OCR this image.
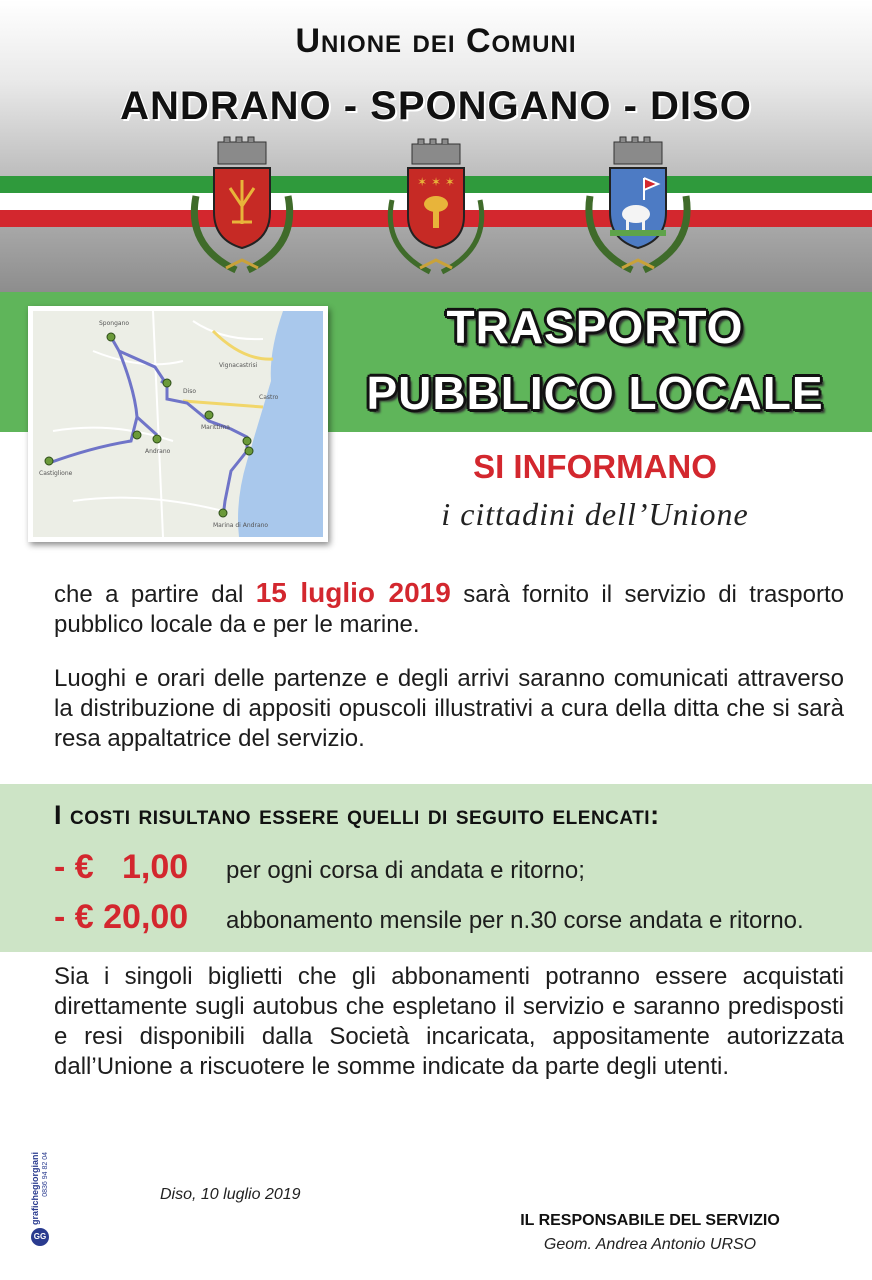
Unione dei Comuni
ANDRANO - SPONGANO - DISO
✶ ✶ ✶
Spongano
Diso
Vignacastrisi
Castro
Marittima
Andrano
Castiglione
Marina di Andrano
TRASPORTO
PUBBLICO LOCALE
SI INFORMANO
i cittadini dell’Unione
che a partire dal 15 luglio 2019 sarà fornito il servizio di trasporto pubblico locale da e per le marine.
Luoghi e orari delle partenze e degli arrivi saranno comunicati attraverso la distribuzione di appositi opuscoli illustrativi a cura della ditta che si sarà resa appaltatrice del servizio.
I costi risultano essere quelli di seguito elencati:
- €   1,00	per ogni corsa di andata e ritorno;
- € 20,00	abbonamento mensile per n.30 corse andata e ritorno.
Sia i singoli biglietti che gli abbonamenti potranno essere acquistati direttamente sugli autobus che espletano il servizio e saranno predisposti e resi disponibili dalla Società incaricata, appositamente autorizzata dall’Unione a riscuotere le somme indicate da parte degli utenti.
grafichegiorgiani 0836 94 82 04
GG
Diso, 10 luglio 2019
IL RESPONSABILE DEL SERVIZIO
Geom. Andrea Antonio URSO
